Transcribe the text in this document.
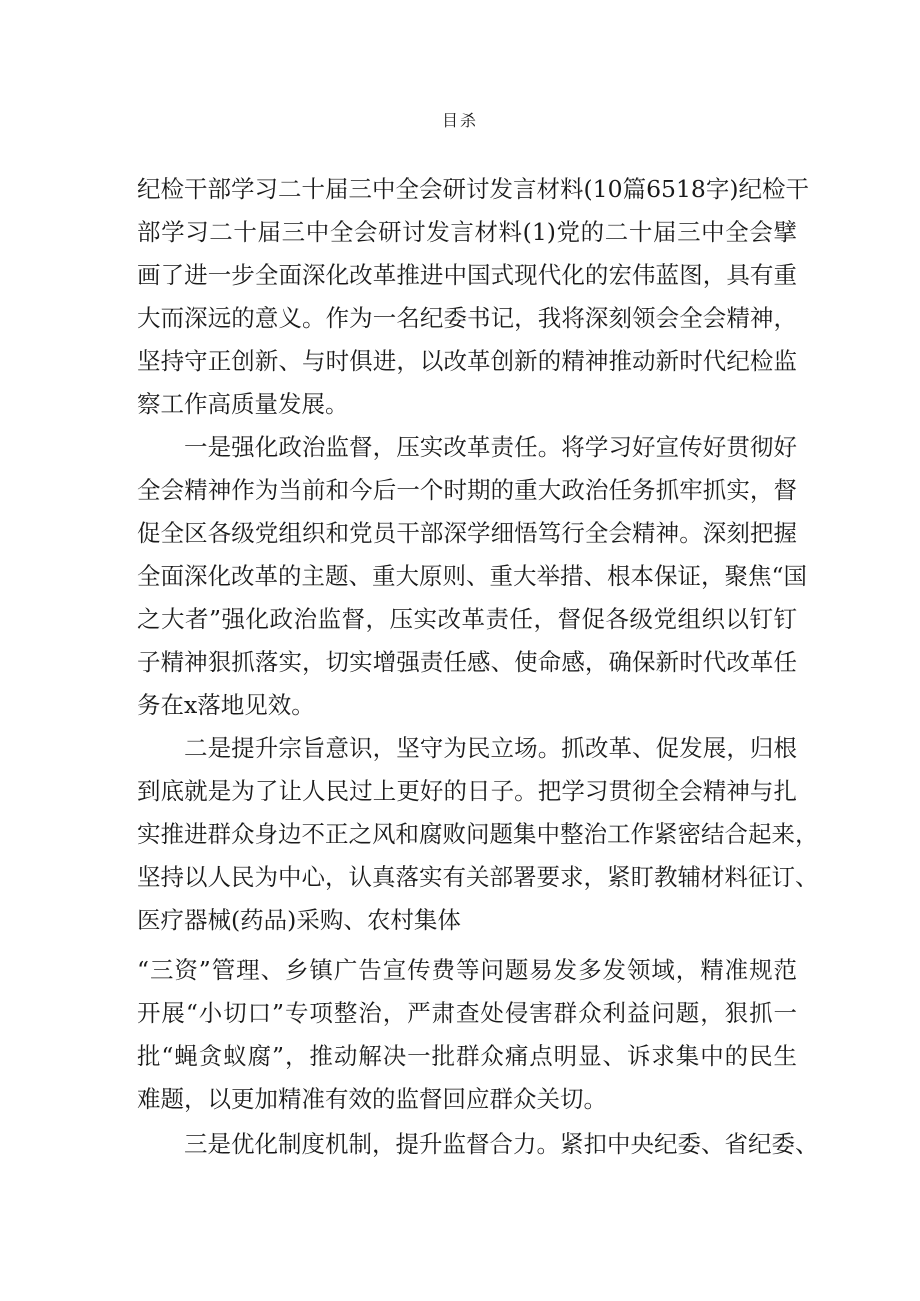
目杀
纪检干部学习二十届三中全会研讨发言材料(10篇6518字)纪检干
部学习二十届三中全会研讨发言材料(1)党的二十届三中全会擘
画了进一步全面深化改革推进中国式现代化的宏伟蓝图，具有重
大而深远的意义。作为一名纪委书记，我将深刻领会全会精神，
坚持守正创新、与时俱进，以改革创新的精神推动新时代纪检监
察工作高质量发展。
一是强化政治监督，压实改革责任。将学习好宣传好贯彻好
全会精神作为当前和今后一个时期的重大政治任务抓牢抓实，督
促全区各级党组织和党员干部深学细悟笃行全会精神。深刻把握
全面深化改革的主题、重大原则、重大举措、根本保证，聚焦“国
之大者”强化政治监督，压实改革责任，督促各级党组织以钉钉
子精神狠抓落实，切实增强责任感、使命感，确保新时代改革任
务在x落地见效。
二是提升宗旨意识，坚守为民立场。抓改革、促发展，归根
到底就是为了让人民过上更好的日子。把学习贯彻全会精神与扎
实推进群众身边不正之风和腐败问题集中整治工作紧密结合起来，
坚持以人民为中心，认真落实有关部署要求，紧盯教辅材料征订、
医疗器械(药品)采购、农村集体
“三资”管理、乡镇广告宣传费等问题易发多发领域，精准规范
开展“小切口”专项整治，严肃查处侵害群众利益问题，狠抓一
批“蝇贪蚁腐”，推动解决一批群众痛点明显、诉求集中的民生
难题，以更加精准有效的监督回应群众关切。
三是优化制度机制，提升监督合力。紧扣中央纪委、省纪委、
